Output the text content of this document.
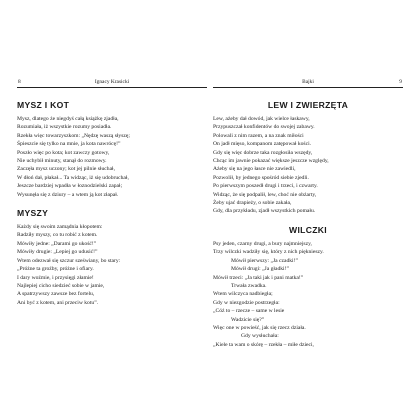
8	Ignacy Krasicki
MYSZ I KOT
Mysz, dlatego że niegdyś całą książkę zjadła,
Rozumiała, iż wszystkie rozumy posiadła.
Rzekła więc towarzyszkom: „Nędzę waszą słyszę;
Śpieszcie się tylko na mnie, ja kota nawrócę!”
Poszło więc po kota; kot zawczy gotowy,
Nie uchybił minuty, stanął do rozmowy.
Zaczęła mysz uczony; kot jej pilnie słuchał,
W dłoń dał, płakał... Ta widząc, iż się udobruchał,
Jeszcze bardziej wpadła w łoznodzielski zapał;
Wysunęła się z dziury – a wtem ją kot złapał.
MYSZY
Każdy się swoim zamądnia kłopotem:
Radziły myszy, co tu robić z kotem.
Mówiły jedne: „Darami go ukość!”
Mówiły drugie: „Lepiej go udusić!”
Wtem odezwał się szczur szeświany, bo stary:
„Próżne ta groźby, próżne i ofiary.
I dary woźmie, i przysięgi złamie!
Najlepiej cicho siedzieć sobie w jamie,
A spatrzywszy zawsze bez fortelu,
Ani być z kotem, ani przeciw kotu”.
Bajki	9
LEW I ZWIERZĘTA
Lew, ażeby dał dowód, jak wielce łaskawy,
Przypuszczał konfidentów do swojej zabawy.
Polowali z nim razem, a na znak miłości
On jadł mięso, kompanom zatępował kości.
Gdy się więc dobrze taka rozgłosiła wszędy,
Chcąc im jawnie pokazać większe jeszcze względy,
Ażeby się na jego łasce nie zawiedli,
Pozwolił, by jednego spośród siebie zjedli.
Po pierwszym poszedł drugi i trzeci, i czwarty.
Widząc, że się podpalił, lew, choć nie obżarty,
Żeby ujać drapieży, o sobie zakała,
Gdy, dla przykładu, zjadł wszystkich pomału.
WILCZKI
Psy jeden, czarny drugi, a bury najmniejszy,
Trzy wilczki wadziły się, który z nich pięknieszy.
Mówił pierwszy: „Ja czadki!”
Mówił drugi: „Ja gładki!”
Mówił trzeci: „Ja taki jak i pani matka!”
Trwała zwadka.
Wtem wilczyca nadbiegła;
Gdy w niezgodzie postrzegła:
„Cóż to – rzecze – same w lesie
Wadzicie się?”
Więc one w powieść, jak się rzecz działa.
Gdy wysłuchała:
„Kiele ta wam o skórę – rzekła – miłe dzieci,
